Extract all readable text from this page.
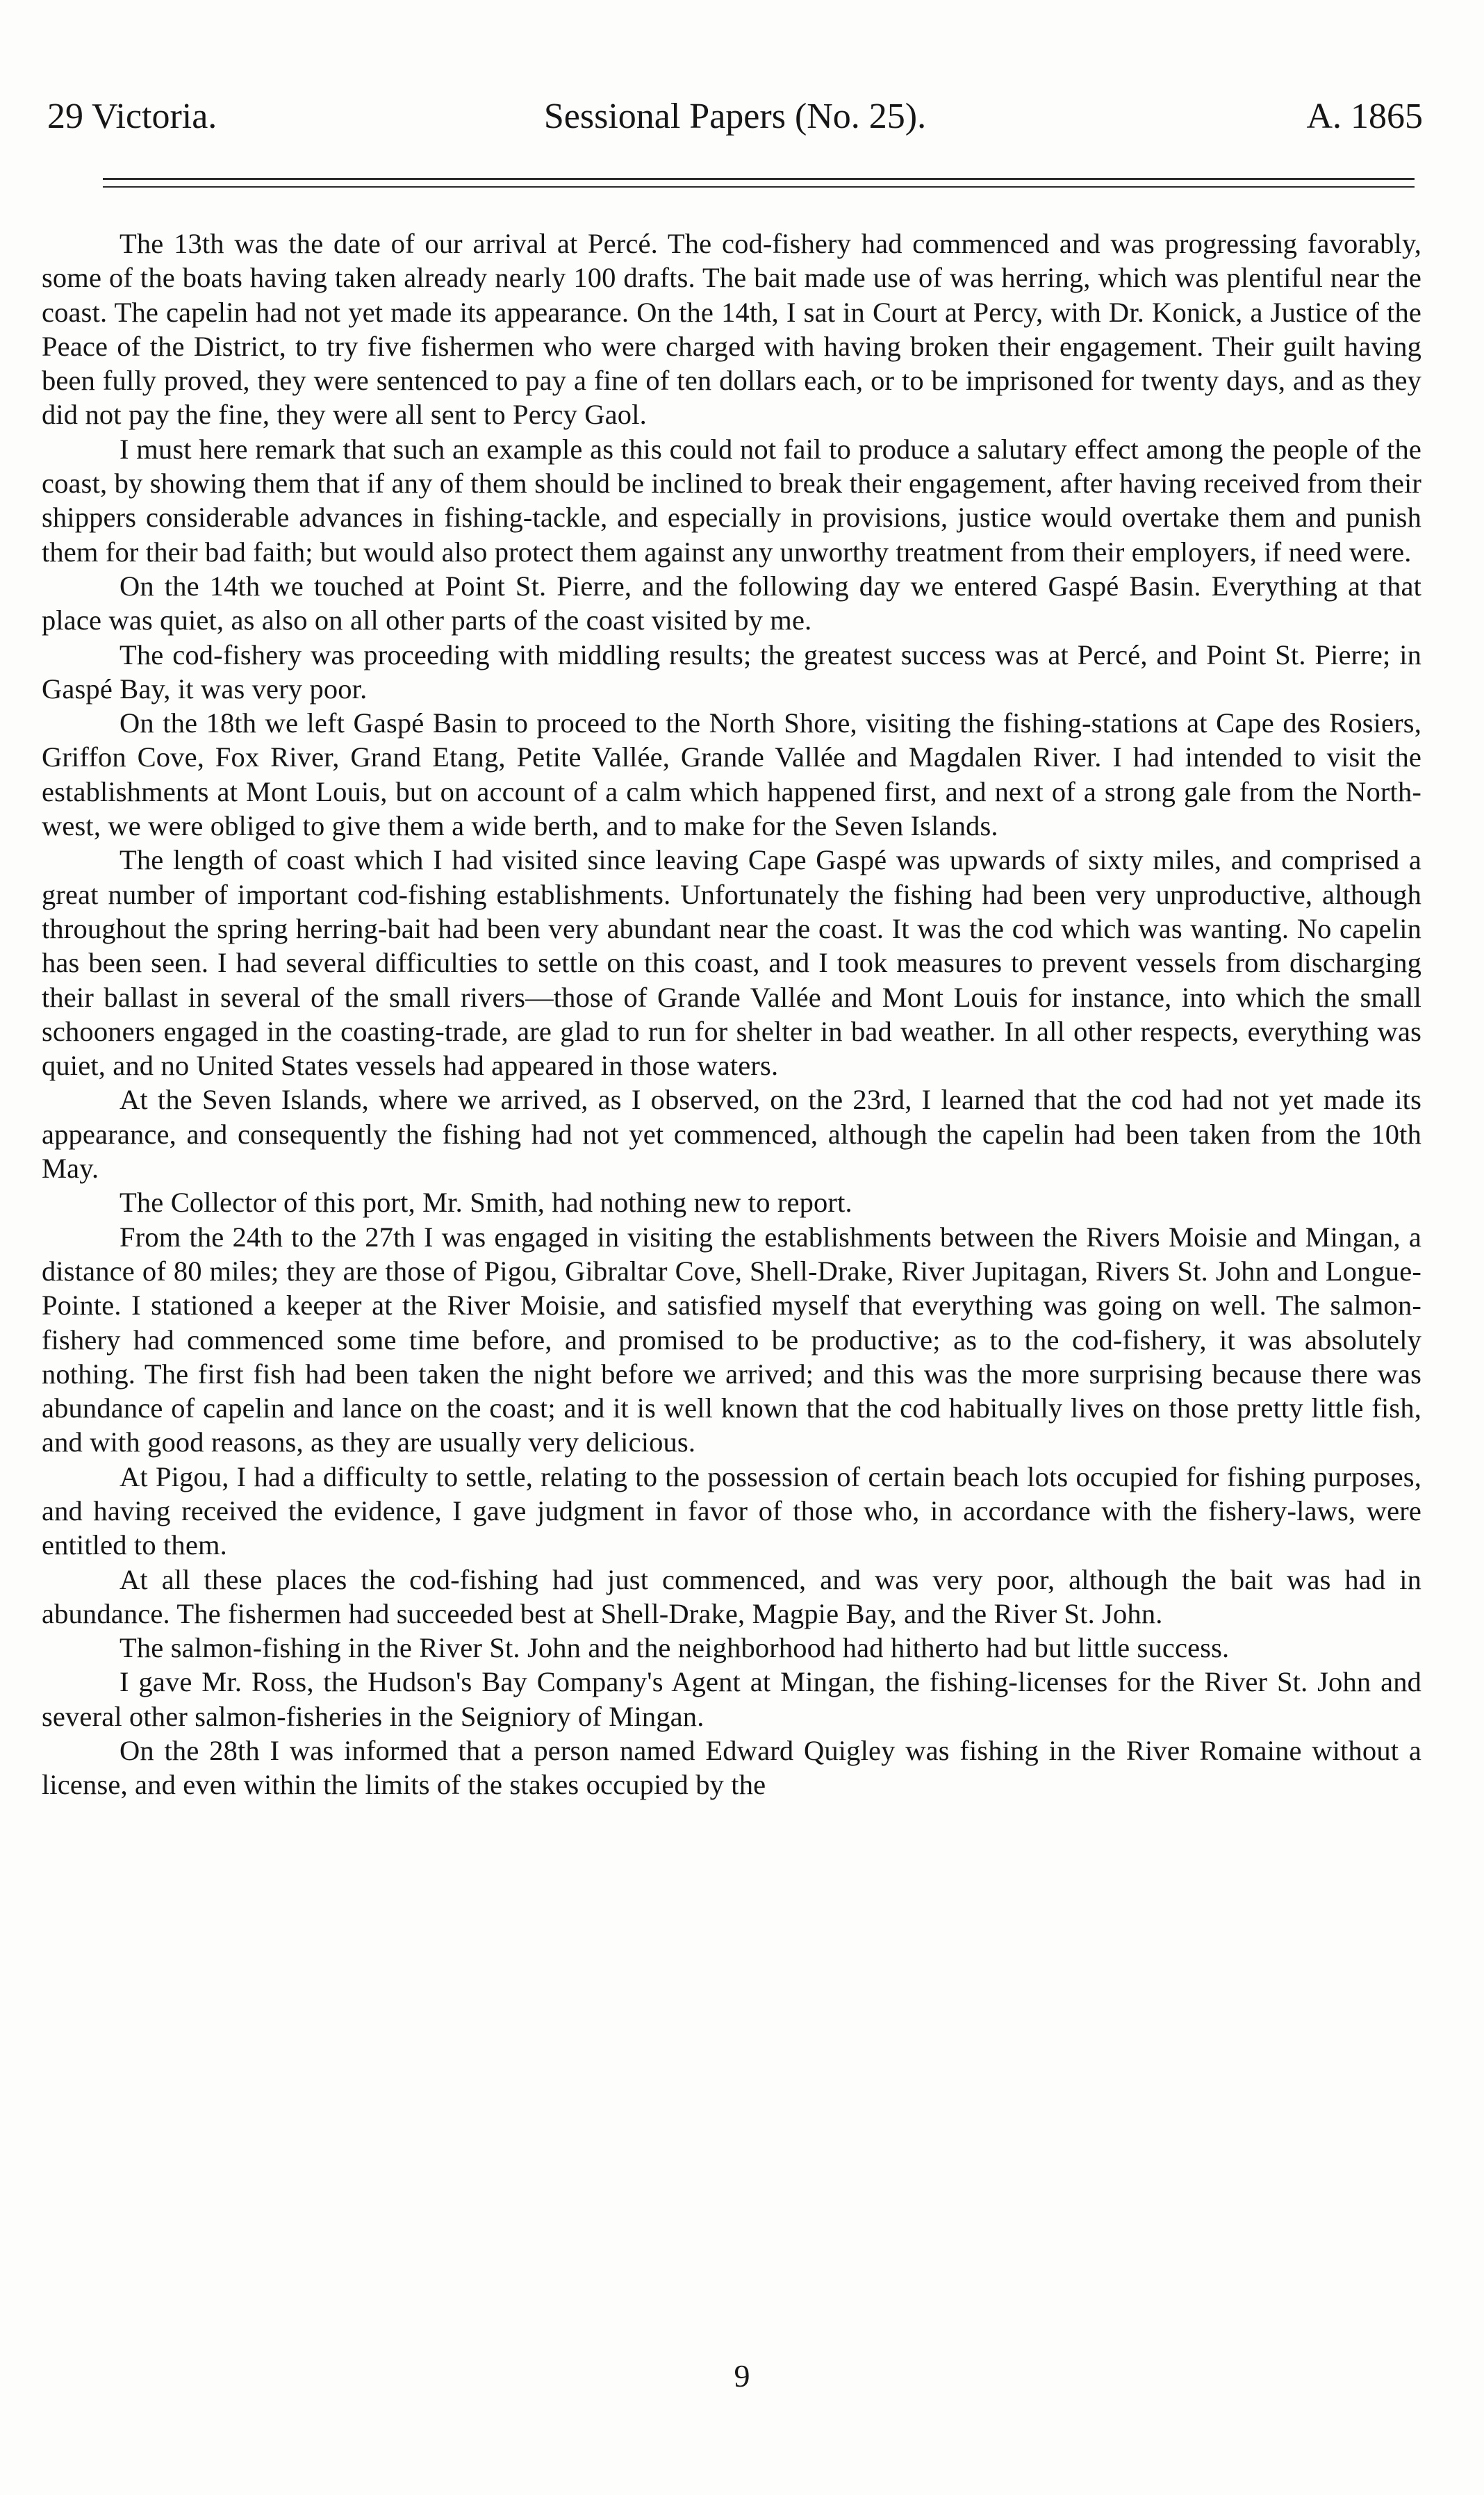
29 Victoria.	Sessional Papers (No. 25).	A. 1865

The 13th was the date of our arrival at Percé. The cod-fishery had commenced and was progressing favorably, some of the boats having taken already nearly 100 drafts. The bait made use of was herring, which was plentiful near the coast. The capelin had not yet made its appearance. On the 14th, I sat in Court at Percy, with Dr. Konick, a Justice of the Peace of the District, to try five fishermen who were charged with having broken their engagement. Their guilt having been fully proved, they were sentenced to pay a fine of ten dollars each, or to be imprisoned for twenty days, and as they did not pay the fine, they were all sent to Percy Gaol.

I must here remark that such an example as this could not fail to produce a salutary effect among the people of the coast, by showing them that if any of them should be inclined to break their engagement, after having received from their shippers considerable advances in fishing-tackle, and especially in provisions, justice would overtake them and punish them for their bad faith; but would also protect them against any unworthy treatment from their employers, if need were.

On the 14th we touched at Point St. Pierre, and the following day we entered Gaspé Basin. Everything at that place was quiet, as also on all other parts of the coast visited by me.

The cod-fishery was proceeding with middling results; the greatest success was at Percé, and Point St. Pierre; in Gaspé Bay, it was very poor.

On the 18th we left Gaspé Basin to proceed to the North Shore, visiting the fishing-stations at Cape des Rosiers, Griffon Cove, Fox River, Grand Etang, Petite Vallée, Grande Vallée and Magdalen River. I had intended to visit the establishments at Mont Louis, but on account of a calm which happened first, and next of a strong gale from the North-west, we were obliged to give them a wide berth, and to make for the Seven Islands.

The length of coast which I had visited since leaving Cape Gaspé was upwards of sixty miles, and comprised a great number of important cod-fishing establishments. Unfortunately the fishing had been very unproductive, although throughout the spring herring-bait had been very abundant near the coast. It was the cod which was wanting. No capelin has been seen. I had several difficulties to settle on this coast, and I took measures to prevent vessels from discharging their ballast in several of the small rivers—those of Grande Vallée and Mont Louis for instance, into which the small schooners engaged in the coasting-trade, are glad to run for shelter in bad weather. In all other respects, everything was quiet, and no United States vessels had appeared in those waters.

At the Seven Islands, where we arrived, as I observed, on the 23rd, I learned that the cod had not yet made its appearance, and consequently the fishing had not yet commenced, although the capelin had been taken from the 10th May.

The Collector of this port, Mr. Smith, had nothing new to report.

From the 24th to the 27th I was engaged in visiting the establishments between the Rivers Moisie and Mingan, a distance of 80 miles; they are those of Pigou, Gibraltar Cove, Shell-Drake, River Jupitagan, Rivers St. John and Longue-Pointe. I stationed a keeper at the River Moisie, and satisfied myself that everything was going on well. The salmon-fishery had commenced some time before, and promised to be productive; as to the cod-fishery, it was absolutely nothing. The first fish had been taken the night before we arrived; and this was the more surprising because there was abundance of capelin and lance on the coast; and it is well known that the cod habitually lives on those pretty little fish, and with good reasons, as they are usually very delicious.

At Pigou, I had a difficulty to settle, relating to the possession of certain beach lots occupied for fishing purposes, and having received the evidence, I gave judgment in favor of those who, in accordance with the fishery-laws, were entitled to them.

At all these places the cod-fishing had just commenced, and was very poor, although the bait was had in abundance. The fishermen had succeeded best at Shell-Drake, Magpie Bay, and the River St. John.

The salmon-fishing in the River St. John and the neighborhood had hitherto had but little success.

I gave Mr. Ross, the Hudson's Bay Company's Agent at Mingan, the fishing-licenses for the River St. John and several other salmon-fisheries in the Seigniory of Mingan.

On the 28th I was informed that a person named Edward Quigley was fishing in the River Romaine without a license, and even within the limits of the stakes occupied by the

9
